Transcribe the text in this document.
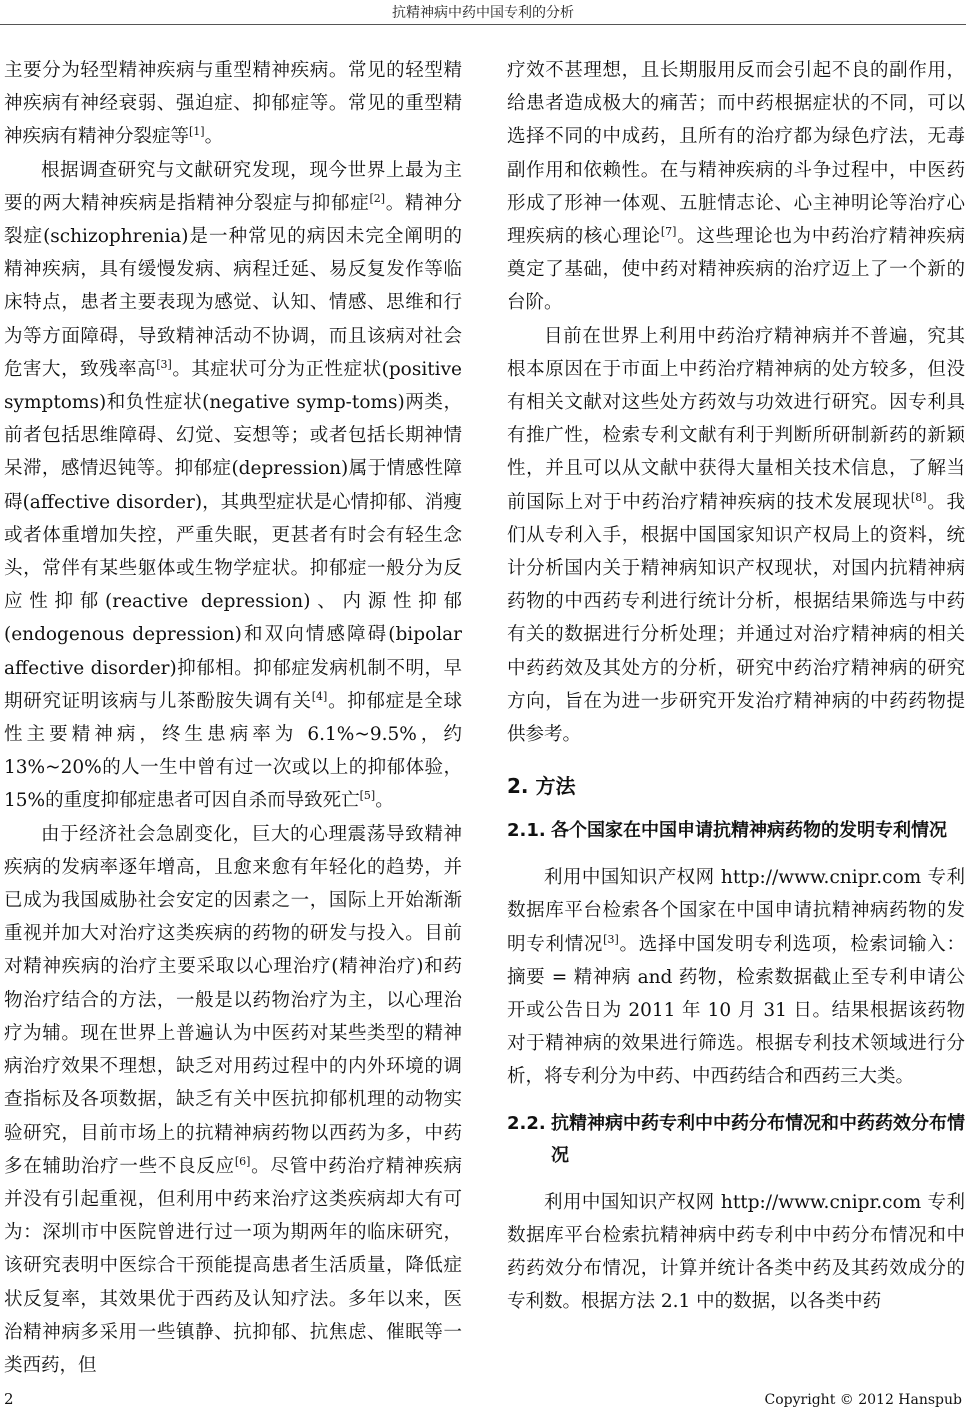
抗精神病中药中国专利的分析

主要分为轻型精神疾病与重型精神疾病。常见的轻型精神疾病有神经衰弱、强迫症、抑郁症等。常见的重型精神疾病有精神分裂症等[1]。

根据调查研究与文献研究发现，现今世界上最为主要的两大精神疾病是指精神分裂症与抑郁症[2]。精神分裂症(schizophrenia)是一种常见的病因未完全阐明的精神疾病，具有缓慢发病、病程迁延、易反复发作等临床特点，患者主要表现为感觉、认知、情感、思维和行为等方面障碍，导致精神活动不协调，而且该病对社会危害大，致残率高[3]。其症状可分为正性症状(positive symptoms)和负性症状(negative symp-toms)两类，前者包括思维障碍、幻觉、妄想等；或者包括长期神情呆滞，感情迟钝等。抑郁症(depression)属于情感性障碍(affective disorder)，其典型症状是心情抑郁、消瘦或者体重增加失控，严重失眠，更甚者有时会有轻生念头，常伴有某些躯体或生物学症状。抑郁症一般分为反应性抑郁(reactive depression)、内源性抑郁(endogenous depression)和双向情感障碍(bipolar affective disorder)抑郁相。抑郁症发病机制不明，早期研究证明该病与儿茶酚胺失调有关[4]。抑郁症是全球性主要精神病，终生患病率为 6.1%~9.5%，约 13%~20%的人一生中曾有过一次或以上的抑郁体验，15%的重度抑郁症患者可因自杀而导致死亡[5]。

由于经济社会急剧变化，巨大的心理震荡导致精神疾病的发病率逐年增高，且愈来愈有年轻化的趋势，并已成为我国威胁社会安定的因素之一，国际上开始渐渐重视并加大对治疗这类疾病的药物的研发与投入。目前对精神疾病的治疗主要采取以心理治疗(精神治疗)和药物治疗结合的方法，一般是以药物治疗为主，以心理治疗为辅。现在世界上普遍认为中医药对某些类型的精神病治疗效果不理想，缺乏对用药过程中的内外环境的调查指标及各项数据，缺乏有关中医抗抑郁机理的动物实验研究，目前市场上的抗精神病药物以西药为多，中药多在辅助治疗一些不良反应[6]。尽管中药治疗精神疾病并没有引起重视，但利用中药来治疗这类疾病却大有可为：深圳市中医院曾进行过一项为期两年的临床研究，该研究表明中医综合干预能提高患者生活质量，降低症状反复率，其效果优于西药及认知疗法。多年以来，医治精神病多采用一些镇静、抗抑郁、抗焦虑、催眠等一类西药，但

疗效不甚理想，且长期服用反而会引起不良的副作用，给患者造成极大的痛苦；而中药根据症状的不同，可以选择不同的中成药，且所有的治疗都为绿色疗法，无毒副作用和依赖性。在与精神疾病的斗争过程中，中医药形成了形神一体观、五脏情志论、心主神明论等治疗心理疾病的核心理论[7]。这些理论也为中药治疗精神疾病奠定了基础，使中药对精神疾病的治疗迈上了一个新的台阶。

目前在世界上利用中药治疗精神病并不普遍，究其根本原因在于市面上中药治疗精神病的处方较多，但没有相关文献对这些处方药效与功效进行研究。因专利具有推广性，检索专利文献有利于判断所研制新药的新颖性，并且可以从文献中获得大量相关技术信息，了解当前国际上对于中药治疗精神疾病的技术发展现状[8]。我们从专利入手，根据中国国家知识产权局上的资料，统计分析国内关于精神病知识产权现状，对国内抗精神病药物的中西药专利进行统计分析，根据结果筛选与中药有关的数据进行分析处理；并通过对治疗精神病的相关中药药效及其处方的分析，研究中药治疗精神病的研究方向，旨在为进一步研究开发治疗精神病的中药药物提供参考。

2. 方法
2.1. 各个国家在中国申请抗精神病药物的发明专利情况

利用中国知识产权网 http://www.cnipr.com 专利数据库平台检索各个国家在中国申请抗精神病药物的发明专利情况[3]。选择中国发明专利选项，检索词输入：摘要 = 精神病 and 药物，检索数据截止至专利申请公开或公告日为 2011 年 10 月 31 日。结果根据该药物对于精神病的效果进行筛选。根据专利技术领域进行分析，将专利分为中药、中西药结合和西药三大类。

2.2. 抗精神病中药专利中中药分布情况和中药药效分布情况

利用中国知识产权网 http://www.cnipr.com 专利数据库平台检索抗精神病中药专利中中药分布情况和中药药效分布情况，计算并统计各类中药及其药效成分的专利数。根据方法 2.1 中的数据，以各类中药

2	Copyright © 2012 Hanspub
